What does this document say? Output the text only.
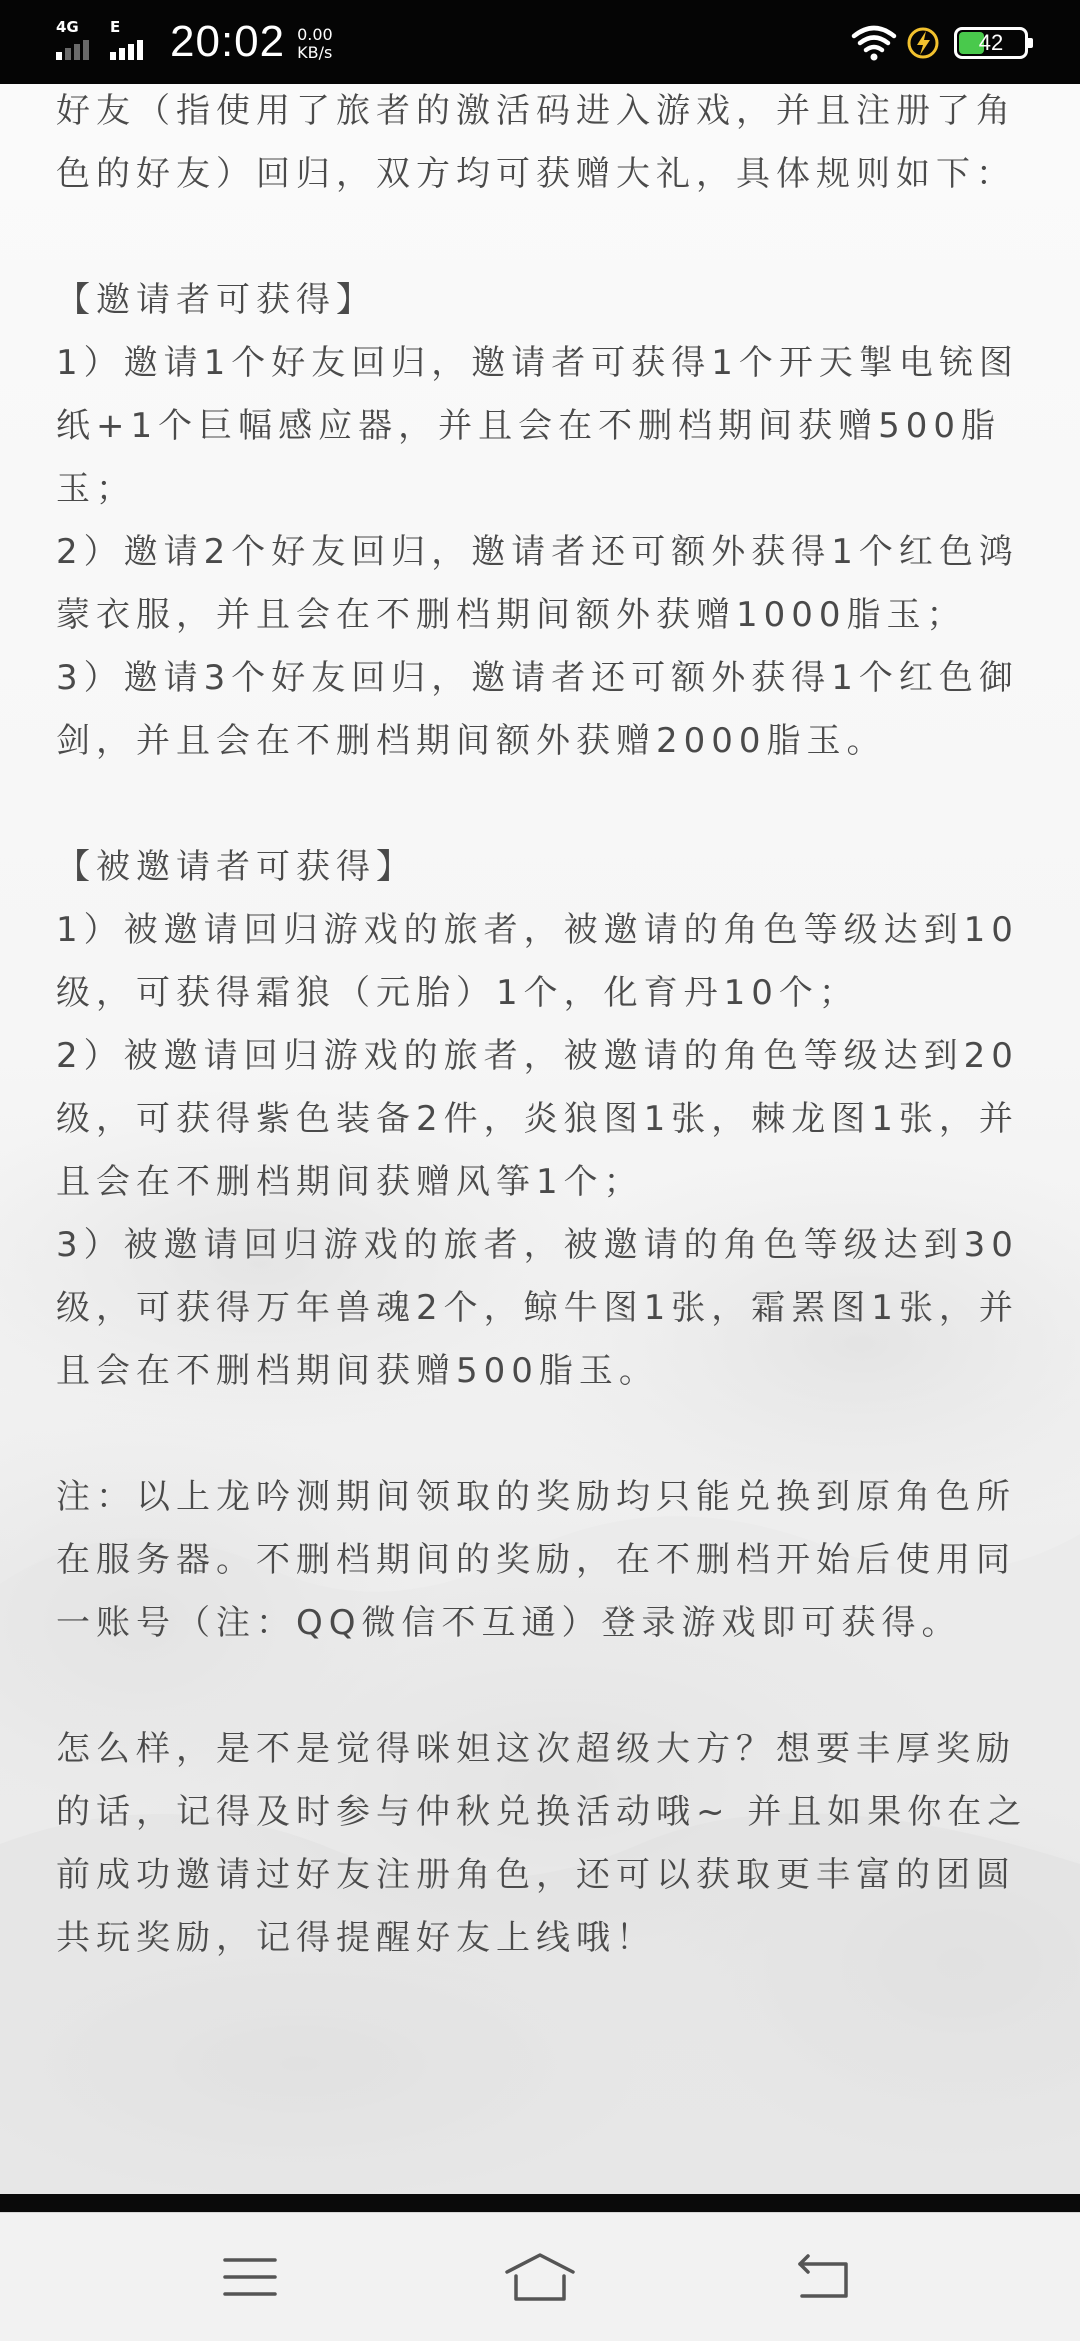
4G E 20:02 0.00
KB/s	42

好友（指使用了旅者的激活码进入游戏，并且注册了角色的好友）回归，双方均可获赠大礼，具体规则如下：

【邀请者可获得】

1）邀请1个好友回归，邀请者可获得1个开天掣电铳图纸+1个巨幅感应器，并且会在不删档期间获赠500脂玉；

2）邀请2个好友回归，邀请者还可额外获得1个红色鸿蒙衣服，并且会在不删档期间额外获赠1000脂玉；

3）邀请3个好友回归，邀请者还可额外获得1个红色御剑，并且会在不删档期间额外获赠2000脂玉。

【被邀请者可获得】

1）被邀请回归游戏的旅者，被邀请的角色等级达到10级，可获得霜狼（元胎）1个，化育丹10个；

2）被邀请回归游戏的旅者，被邀请的角色等级达到20级，可获得紫色装备2件，炎狼图1张，棘龙图1张，并且会在不删档期间获赠风筝1个；

3）被邀请回归游戏的旅者，被邀请的角色等级达到30级，可获得万年兽魂2个，鲸牛图1张，霜罴图1张，并且会在不删档期间获赠500脂玉。

注：以上龙吟测期间领取的奖励均只能兑换到原角色所在服务器。不删档期间的奖励，在不删档开始后使用同一账号（注：QQ微信不互通）登录游戏即可获得。

怎么样，是不是觉得咪妲这次超级大方？想要丰厚奖励的话，记得及时参与仲秋兑换活动哦~ 并且如果你在之前成功邀请过好友注册角色，还可以获取更丰富的团圆共玩奖励，记得提醒好友上线哦！
